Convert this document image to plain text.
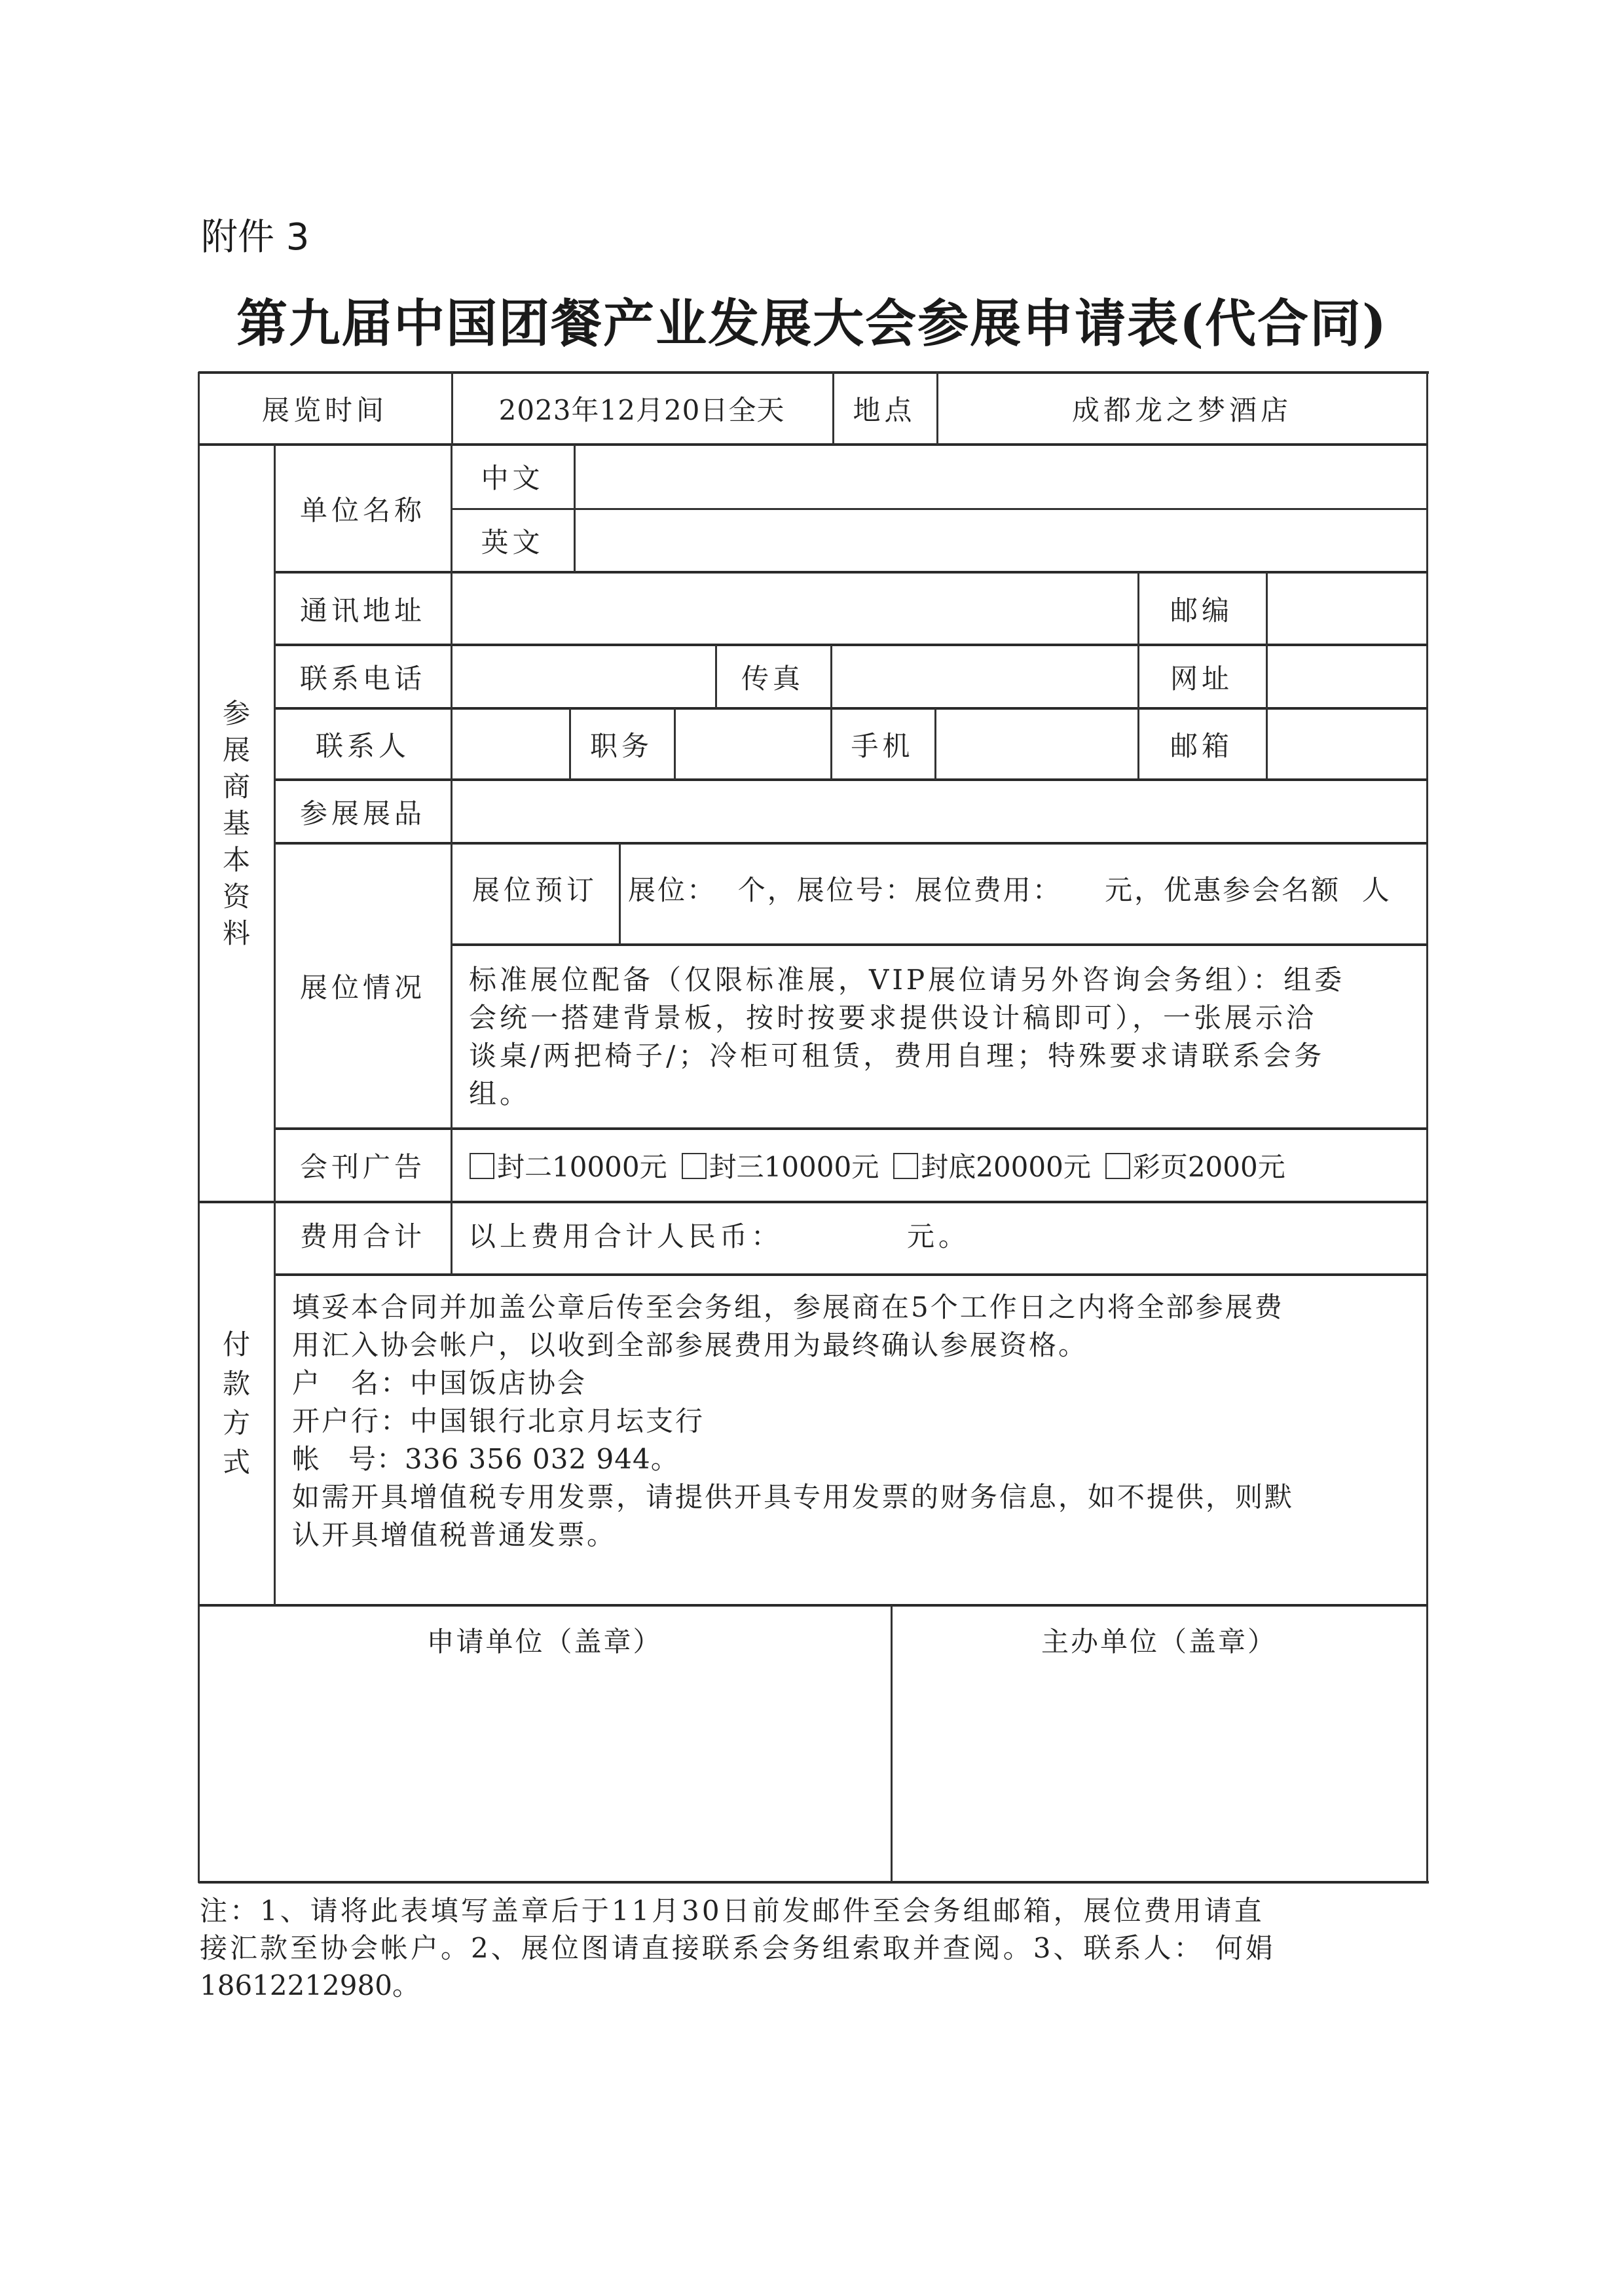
附件 3
第九届中国团餐产业发展大会参展申请表(代合同)
展览时间	2023年12月20日全天	地点	成都龙之梦酒店
参
展
商
基
本
资
料
单位名称
中文
英文
通讯地址	邮编
联系电话	传真	网址
联系人	职务	手机	邮箱
参展展品
展位情况
展位预订	展位：  个，展位号：展位费用：    元，优惠参会名额  人
标准展位配备（仅限标准展，VIP展位请另外咨询会务组）：组委
会统一搭建背景板，按时按要求提供设计稿即可），一张展示洽
谈桌/两把椅子/；冷柜可租赁，费用自理；特殊要求请联系会务
组。
会刊广告	封二10000元	封三10000元	封底20000元	彩页2000元
付
款
方
式
费用合计	以上费用合计人民币：	元。
填妥本合同并加盖公章后传至会务组，参展商在5个工作日之内将全部参展费
用汇入协会帐户，以收到全部参展费用为最终确认参展资格。
户　名：中国饭店协会
开户行：中国银行北京月坛支行
帐　号：336 356 032 944。
如需开具增值税专用发票，请提供开具专用发票的财务信息，如不提供，则默
认开具增值税普通发票。
申请单位（盖章）	主办单位（盖章）
注：1、请将此表填写盖章后于11月30日前发邮件至会务组邮箱，展位费用请直
接汇款至协会帐户。2、展位图请直接联系会务组索取并查阅。3、联系人： 何娟
18612212980。
